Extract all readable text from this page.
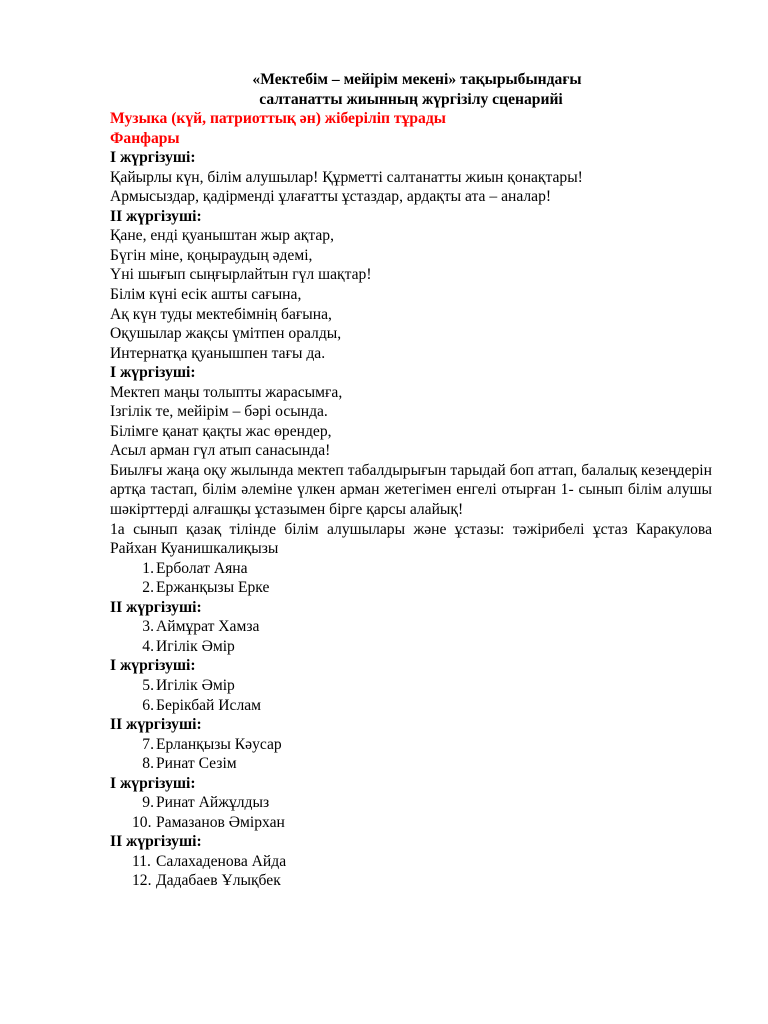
«Мектебім – мейірім мекені» тақырыбындағы
салтанатты жиынның жүргізілу сценарийі

Музыка (күй, патриоттық ән) жіберіліп тұрады

Фанфары

І жүргізуші:

Қайырлы күн, білім алушылар! Құрметті салтанатты жиын қонақтары!

Армысыздар, қадірменді ұлағатты ұстаздар, ардақты ата – аналар!

ІІ жүргізуші:

Қане, енді қуаныштан жыр ақтар,

Бүгін міне, қоңыраудың әдемі,

Үні шығып сыңғырлайтын гүл шақтар!

Білім күні есік ашты сағына,

Ақ күн туды мектебімнің бағына,

Оқушылар жақсы үмітпен оралды,

Интернатқа қуанышпен тағы да.

І жүргізуші:

Мектеп маңы толыпты жарасымға,

Ізгілік те, мейірім – бәрі осында.

Білімге қанат қақты жас өрендер,

Асыл арман гүл атып санасында!

Биылғы жаңа оқу жылында мектеп табалдырығын тарыдай боп аттап, балалық кезеңдерін артқа тастап, білім әлеміне үлкен арман жетегімен енгелі отырған 1- сынып білім алушы шәкірттерді алғашқы ұстазымен бірге қарсы алайық!

1а сынып қазақ тілінде білім алушылары және ұстазы: тәжірибелі ұстаз Каракулова Райхан Куанишкалиқызы

1. Ерболат Аяна
2. Ержанқызы Ерке

ІІ жүргізуші:

3. Аймұрат Хамза
4. Игілік Әмір

І жүргізуші:

5. Игілік Әмір
6. Берікбай Ислам

ІІ жүргізуші:

7. Ерланқызы Кәусар
8. Ринат Сезім

І жүргізуші:

9. Ринат Айжұлдыз
10. Рамазанов Әмірхан

ІІ жүргізуші:

11. Салахаденова Айда
12. Дадабаев Ұлықбек
